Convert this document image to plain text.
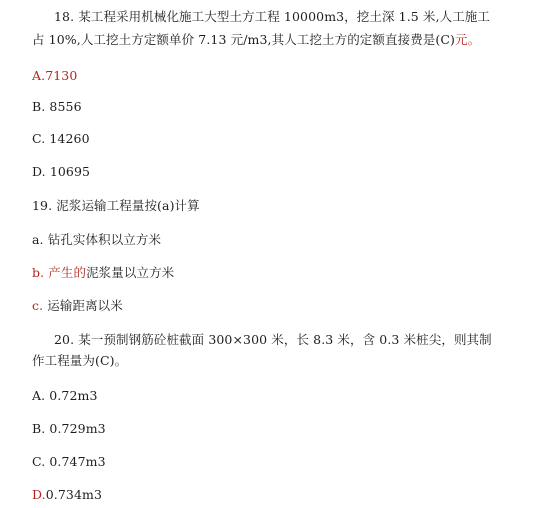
18. 某工程采用机械化施工大型土方工程 10000m3，挖土深 1.5 米,人工施工
占 10%,人工挖土方定额单价 7.13 元/m3,其人工挖土方的定额直接费是(C)元。
A.7130
B. 8556
C. 14260
D. 10695
19. 泥浆运输工程量按(a)计算
a. 钻孔实体积以立方米
b. 产生的泥浆量以立方米
c. 运输距离以米
20. 某一预制钢筋砼桩截面 300×300 米，长 8.3 米，含 0.3 米桩尖，则其制
作工程量为(C)。
A. 0.72m3
B. 0.729m3
C. 0.747m3
D.0.734m3
